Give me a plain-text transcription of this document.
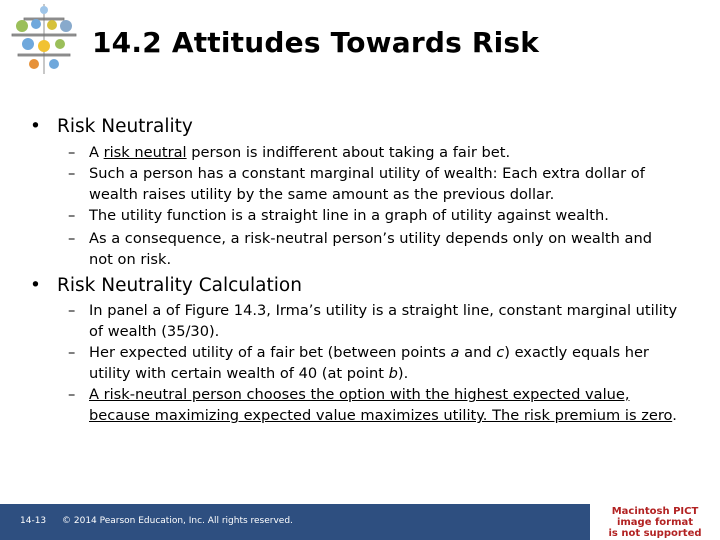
14.2 Attitudes Towards Risk
• Risk Neutrality
– A risk neutral person is indifferent about taking a fair bet.
– Such a person has a constant marginal utility of wealth: Each extra dollar of wealth raises utility by the same amount as the previous dollar.
– The utility function is a straight line in a graph of utility against wealth.
– As a consequence, a risk-neutral person’s utility depends only on wealth and not on risk.
• Risk Neutrality Calculation
– In panel a of Figure 14.3, Irma’s utility is a straight line, constant marginal utility of wealth (35/30).
– Her expected utility of a fair bet (between points a and c) exactly equals her utility with certain wealth of 40 (at point b).
– A risk-neutral person chooses the option with the highest expected value, because maximizing expected value maximizes utility. The risk premium is zero.
14-13 © 2014 Pearson Education, Inc. All rights reserved.
Macintosh PICT
image format
is not supported
